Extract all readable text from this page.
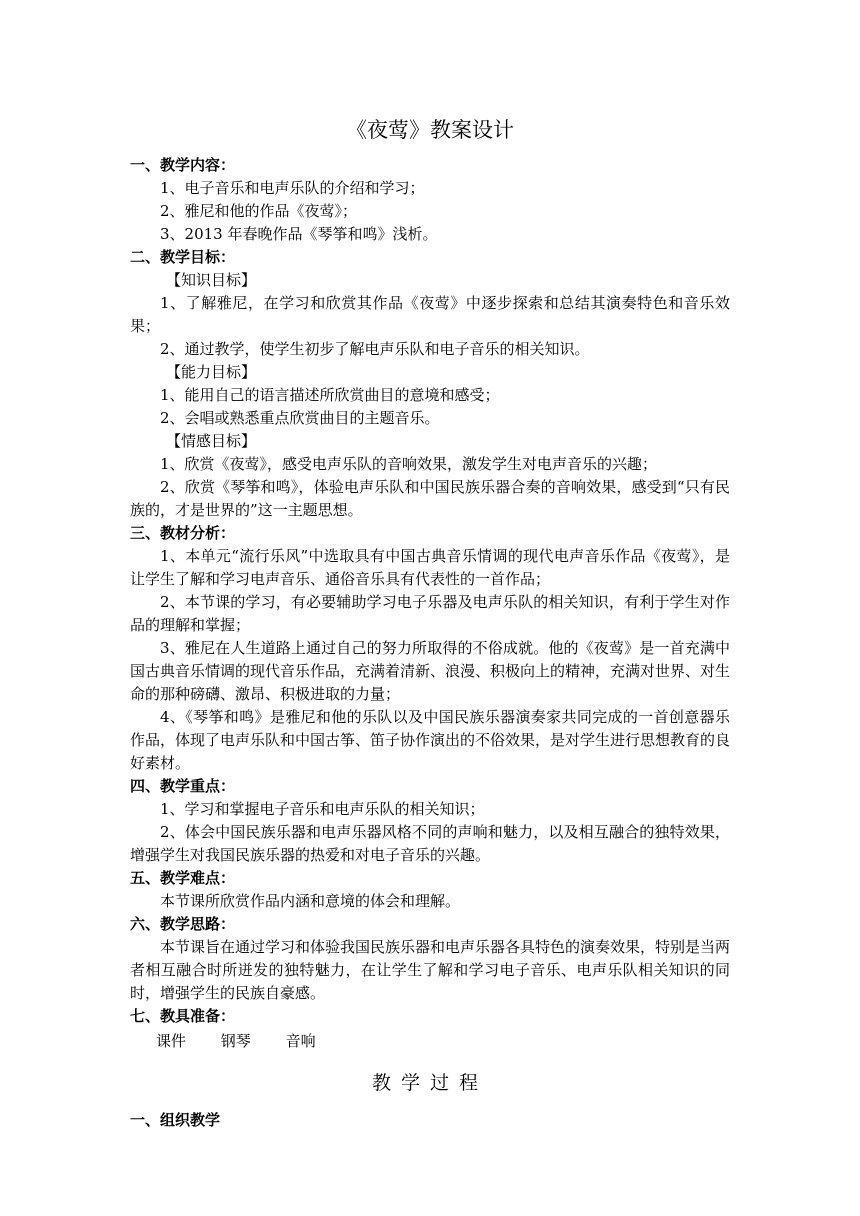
《夜莺》教案设计

一、教学内容：

1、电子音乐和电声乐队的介绍和学习；

2、雅尼和他的作品《夜莺》；

3、2013 年春晚作品《琴筝和鸣》浅析。

二、教学目标：

【知识目标】

1、了解雅尼，在学习和欣赏其作品《夜莺》中逐步探索和总结其演奏特色和音乐效果；

2、通过教学，使学生初步了解电声乐队和电子音乐的相关知识。

【能力目标】

1、能用自己的语言描述所欣赏曲目的意境和感受；

2、会唱或熟悉重点欣赏曲目的主题音乐。

【情感目标】

1、欣赏《夜莺》，感受电声乐队的音响效果，激发学生对电声音乐的兴趣；

2、欣赏《琴筝和鸣》，体验电声乐队和中国民族乐器合奏的音响效果，感受到“只有民族的，才是世界的”这一主题思想。

三、教材分析：

1、本单元“流行乐风”中选取具有中国古典音乐情调的现代电声音乐作品《夜莺》，是让学生了解和学习电声音乐、通俗音乐具有代表性的一首作品；

2、本节课的学习，有必要辅助学习电子乐器及电声乐队的相关知识，有利于学生对作品的理解和掌握；

3、雅尼在人生道路上通过自己的努力所取得的不俗成就。他的《夜莺》是一首充满中国古典音乐情调的现代音乐作品，充满着清新、浪漫、积极向上的精神，充满对世界、对生命的那种磅礴、激昂、积极进取的力量；

4、《琴筝和鸣》是雅尼和他的乐队以及中国民族乐器演奏家共同完成的一首创意器乐作品，体现了电声乐队和中国古筝、笛子协作演出的不俗效果，是对学生进行思想教育的良好素材。

四、教学重点：

1、学习和掌握电子音乐和电声乐队的相关知识；

2、体会中国民族乐器和电声乐器风格不同的声响和魅力，以及相互融合的独特效果，增强学生对我国民族乐器的热爱和对电子音乐的兴趣。

五、教学难点：

本节课所欣赏作品内涵和意境的体会和理解。

六、教学思路：

本节课旨在通过学习和体验我国民族乐器和电声乐器各具特色的演奏效果，特别是当两者相互融合时所迸发的独特魅力，在让学生了解和学习电子音乐、电声乐队相关知识的同时，增强学生的民族自豪感。

七、教具准备：

课件 钢琴 音响

教学过程

一、组织教学
